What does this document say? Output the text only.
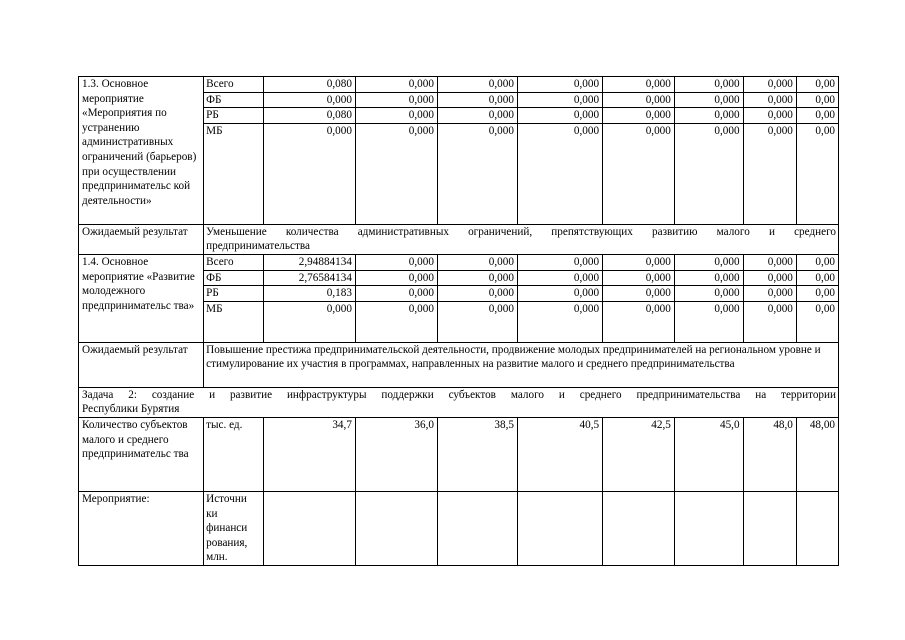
1.3. Основное мероприятие «Мероприятия по устранению административных ограничений (барьеров) при осуществлении предпринимательс кой деятельности»	Всего	0,080	0,000	0,000	0,000	0,000	0,000	0,000	0,00
	ФБ	0,000	0,000	0,000	0,000	0,000	0,000	0,000	0,00
	РБ	0,080	0,000	0,000	0,000	0,000	0,000	0,000	0,00
	МБ	0,000	0,000	0,000	0,000	0,000	0,000	0,000	0,00
Ожидаемый результат	Уменьшение количества административных ограничений, препятствующих развитию малого и среднего
предпринимательства								

1.4. Основное мероприятие «Развитие молодежного предпринимательс тва»	Всего	2,94884134	0,000	0,000	0,000	0,000	0,000	0,000	0,00
	ФБ	2,76584134	0,000	0,000	0,000	0,000	0,000	0,000	0,00
	РБ	0,183	0,000	0,000	0,000	0,000	0,000	0,000	0,00
	МБ	0,000	0,000	0,000	0,000	0,000	0,000	0,000	0,00
Ожидаемый результат	Повышение престижа предпринимательской деятельности, продвижение молодых предпринимателей на региональном уровне и стимулирование их участия в программах, направленных на развитие малого и среднего предпринимательства								

Задача 2: создание и развитие инфраструктуры поддержки субъектов малого и среднего предпринимательства на территории
Республики Бурятия									

Количество субъектов малого и среднего предпринимательс тва	тыс. ед.	34,7	36,0	38,5	40,5	42,5	45,0	48,0	48,00
Мероприятие:	Источни ки финанси рования, млн.								
